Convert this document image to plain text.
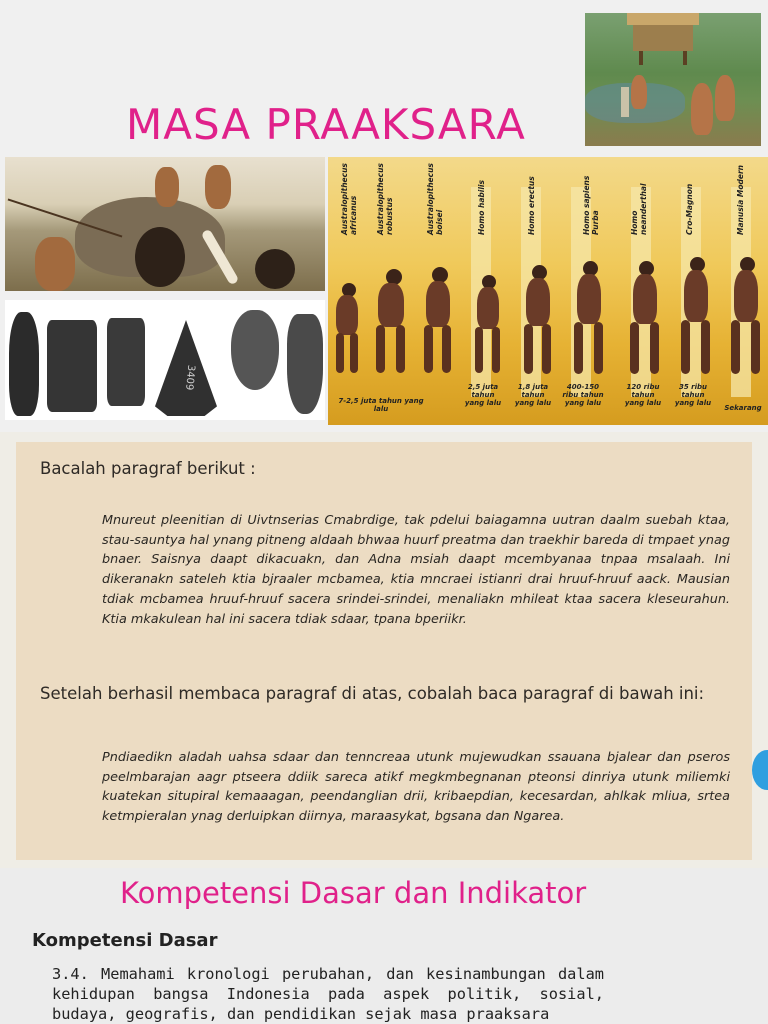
MASA PRAAKSARA
3409
Australopithecus africanus Australopithecus robustus	Australopithecus boisei	Homo habilis	Homo erectus	Homo sapiens Purba	Homo neanderthal	Cro-Magnon	Manusia Modern
7-2,5 juta tahun yang lalu
2,5 juta tahun yang lalu
1,8 juta tahun yang lalu
400-150 ribu tahun yang lalu
120 ribu tahun yang lalu
35 ribu tahun yang lalu
Sekarang
Bacalah paragraf berikut :
Mnureut pleenitian di Uivtnserias Cmabrdige, tak pdelui baiagamna uutran daalm suebah ktaa, stau-sauntya hal ynang pitneng aldaah bhwaa huurf preatma dan traekhir bareda di tmpaet ynag bnaer. Saisnya daapt dikacuakn, dan Adna msiah daapt mcembyanaa tnpaa msalaah. Ini dikeranakn sateleh ktia bjraaler mcbamea, ktia mncraei istianri drai hruuf-hruuf aack. Mausian tdiak mcbamea hruuf-hruuf sacera srindei-srindei, menaliakn mhileat ktaa sacera kleseurahun. Ktia mkakulean hal ini sacera tdiak sdaar, tpana bperiikr.
Setelah berhasil membaca paragraf di atas, cobalah baca paragraf di bawah ini:
Pndiaedikn aladah uahsa sdaar dan tenncreaa utunk mujewudkan ssauana bjalear dan pseros peelmbarajan aagr ptseera ddiik sareca atikf megkmbegnanan pteonsi dinriya utunk miliemki kuatekan situpiral kemaaagan, peendanglian drii, kribaepdian, kecesardan, ahlkak mliua, srtea ketmpieralan ynag derluipkan diirnya, maraasykat, bgsana dan Ngarea.
Kompetensi Dasar dan Indikator
Kompetensi Dasar
3.4. Memahami kronologi perubahan, dan kesinambungan dalam kehidupan bangsa Indonesia pada aspek politik, sosial, budaya, geografis, dan pendidikan sejak masa praaksara
